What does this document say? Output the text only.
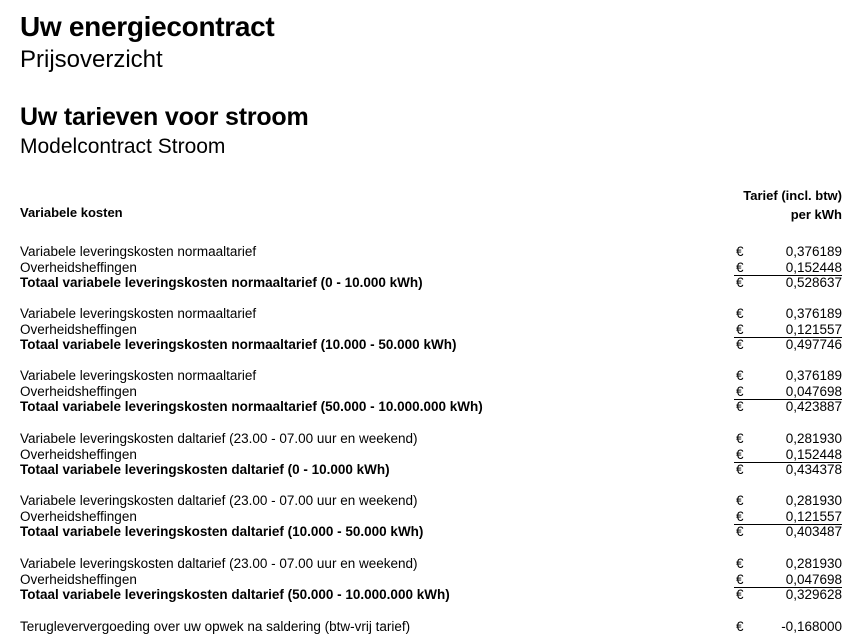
Uw energiecontract
Prijsoverzicht
Uw tarieven voor stroom
Modelcontract Stroom
Tarief (incl. btw)
per kWh
Variabele kosten
Variabele leveringskosten normaaltarief	€	0,376189
Overheidsheffingen	€	0,152448
Totaal variabele leveringskosten normaaltarief (0 - 10.000 kWh)	€	0,528637
Variabele leveringskosten normaaltarief	€	0,376189
Overheidsheffingen	€	0,121557
Totaal variabele leveringskosten normaaltarief (10.000 - 50.000 kWh)	€	0,497746
Variabele leveringskosten normaaltarief	€	0,376189
Overheidsheffingen	€	0,047698
Totaal variabele leveringskosten normaaltarief (50.000 - 10.000.000 kWh)	€	0,423887
Variabele leveringskosten daltarief (23.00 - 07.00 uur en weekend)	€	0,281930
Overheidsheffingen	€	0,152448
Totaal variabele leveringskosten daltarief (0 - 10.000 kWh)	€	0,434378
Variabele leveringskosten daltarief (23.00 - 07.00 uur en weekend)	€	0,281930
Overheidsheffingen	€	0,121557
Totaal variabele leveringskosten daltarief (10.000 - 50.000 kWh)	€	0,403487
Variabele leveringskosten daltarief (23.00 - 07.00 uur en weekend)	€	0,281930
Overheidsheffingen	€	0,047698
Totaal variabele leveringskosten daltarief (50.000 - 10.000.000 kWh)	€	0,329628
Terugleververgoeding over uw opwek na saldering (btw-vrij tarief)	€	-0,168000
